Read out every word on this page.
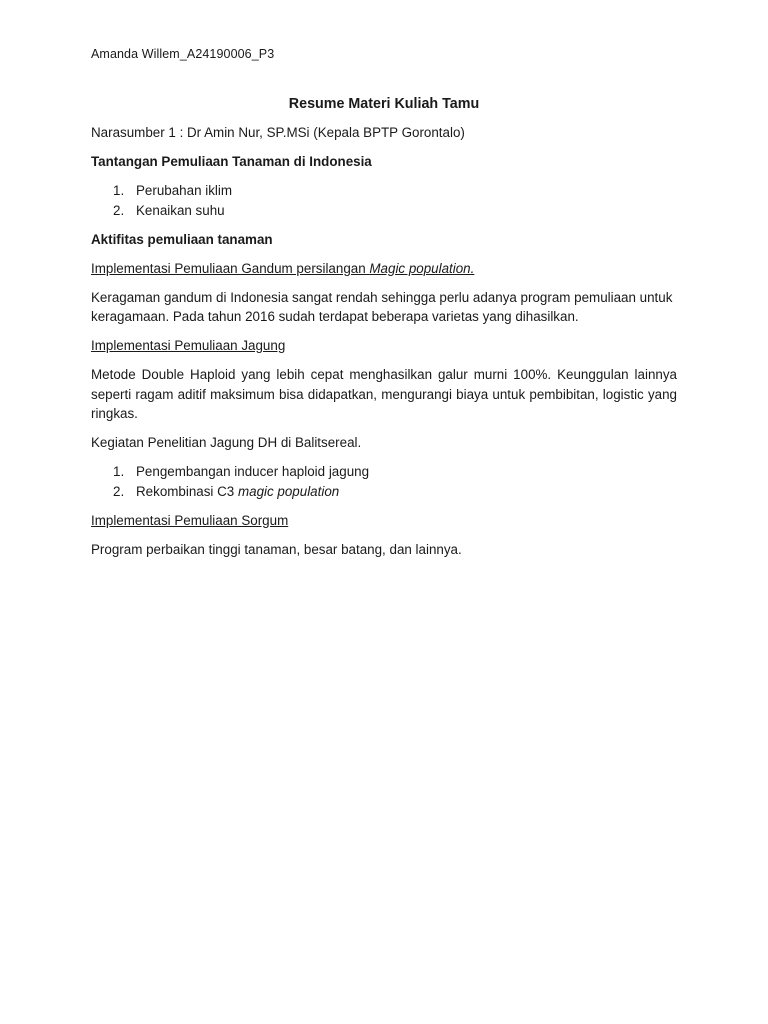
Amanda Willem_A24190006_P3
Resume Materi Kuliah Tamu

Narasumber 1 : Dr Amin Nur, SP.MSi (Kepala BPTP Gorontalo)

Tantangan Pemuliaan Tanaman di Indonesia

1. Perubahan iklim
2. Kenaikan suhu

Aktifitas pemuliaan tanaman

Implementasi Pemuliaan Gandum persilangan Magic population.

Keragaman gandum di Indonesia sangat rendah sehingga perlu adanya program pemuliaan untuk keragamaan. Pada tahun 2016 sudah terdapat beberapa varietas yang dihasilkan.

Implementasi Pemuliaan Jagung

Metode Double Haploid yang lebih cepat menghasilkan galur murni 100%. Keunggulan lainnya seperti ragam aditif maksimum bisa didapatkan, mengurangi biaya untuk pembibitan, logistic yang ringkas.

Kegiatan Penelitian Jagung DH di Balitsereal.

1. Pengembangan inducer haploid jagung
2. Rekombinasi C3 magic population

Implementasi Pemuliaan Sorgum

Program perbaikan tinggi tanaman, besar batang, dan lainnya.
